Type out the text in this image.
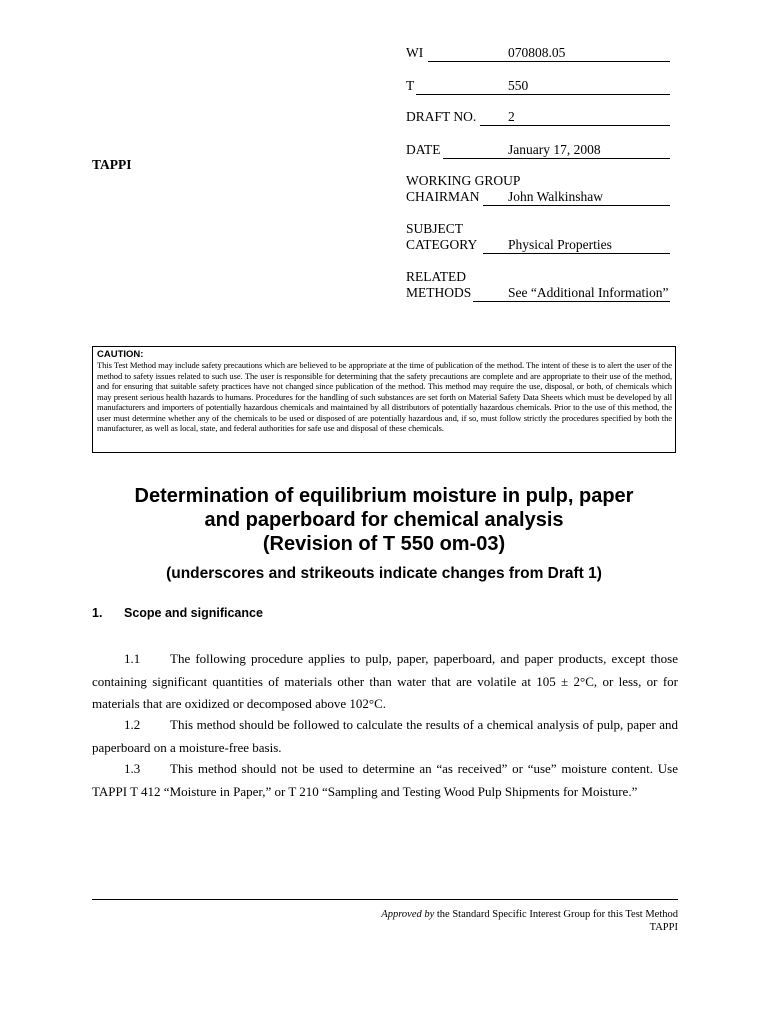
WI	070808.05
T	550
DRAFT NO.	2
DATE	January 17, 2008
TAPPI
WORKING GROUP
CHAIRMAN	John Walkinshaw
SUBJECT
CATEGORY	Physical Properties
RELATED
METHODS	See “Additional Information”
CAUTION:
This Test Method may include safety precautions which are believed to be appropriate at the time of publication of the method. The intent of these is to alert the user of the method to safety issues related to such use. The user is responsible for determining that the safety precautions are complete and are appropriate to their use of the method, and for ensuring that suitable safety practices have not changed since publication of the method. This method may require the use, disposal, or both, of chemicals which may present serious health hazards to humans. Procedures for the handling of such substances are set forth on Material Safety Data Sheets which must be developed by all manufacturers and importers of potentially hazardous chemicals and maintained by all distributors of potentially hazardous chemicals. Prior to the use of this method, the user must determine whether any of the chemicals to be used or disposed of are potentially hazardous and, if so, must follow strictly the procedures specified by both the manufacturer, as well as local, state, and federal authorities for safe use and disposal of these chemicals.
Determination of equilibrium moisture in pulp, paper
and paperboard for chemical analysis
(Revision of T 550 om-03)
(underscores and strikeouts indicate changes from Draft 1)
1. Scope and significance
1.1 The following procedure applies to pulp, paper, paperboard, and paper products, except those containing significant quantities of materials other than water that are volatile at 105 ± 2°C, or less, or for materials that are oxidized or decomposed above 102°C.
1.2 This method should be followed to calculate the results of a chemical analysis of pulp, paper and paperboard on a moisture-free basis.
1.3 This method should not be used to determine an “as received” or “use” moisture content. Use TAPPI T 412 “Moisture in Paper,” or T 210 “Sampling and Testing Wood Pulp Shipments for Moisture.”
Approved by the Standard Specific Interest Group for this Test Method
TAPPI
